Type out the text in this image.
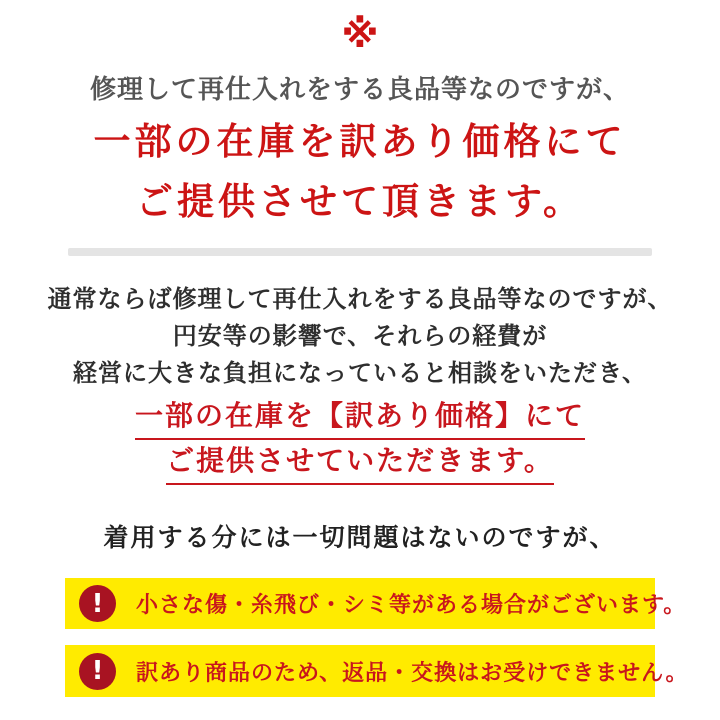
※
修理して再仕入れをする良品等なのですが、
一部の在庫を訳あり価格にて
ご提供させて頂きます。
通常ならば修理して再仕入れをする良品等なのですが、
円安等の影響で、それらの経費が
経営に大きな負担になっていると相談をいただき、
一部の在庫を【訳あり価格】にて
ご提供させていただきます。
着用する分には一切問題はないのですが、
!	小さな傷・糸飛び・シミ等がある場合がございます。
!	訳あり商品のため、返品・交換はお受けできません。
